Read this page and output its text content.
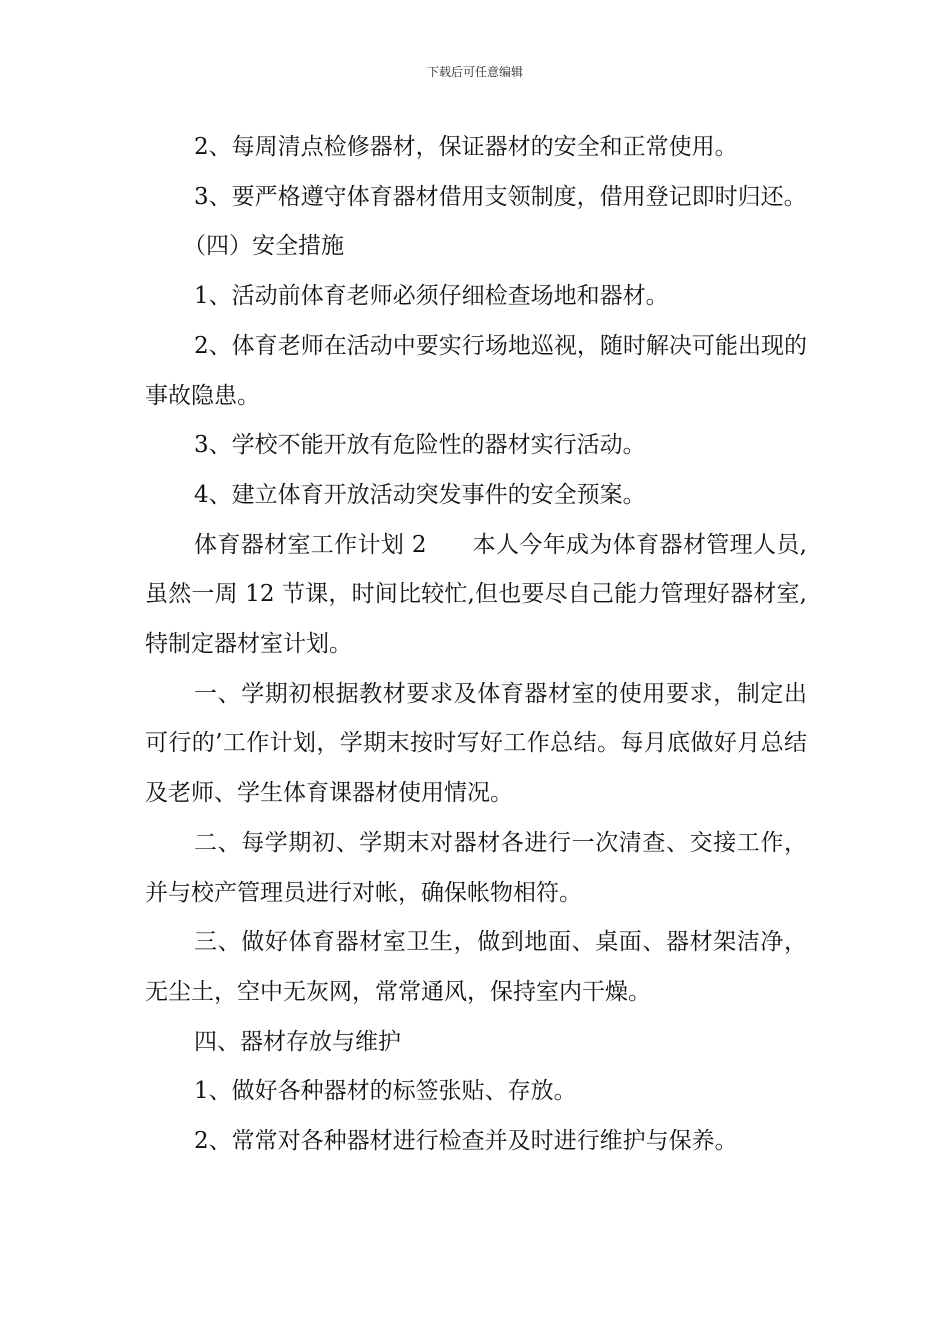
下载后可任意编辑

2、每周清点检修器材，保证器材的安全和正常使用。

3、要严格遵守体育器材借用支领制度，借用登记即时归还。

（四）安全措施

1、活动前体育老师必须仔细检查场地和器材。

2、体育老师在活动中要实行场地巡视，随时解决可能出现的事故隐患。

3、学校不能开放有危险性的器材实行活动。

4、建立体育开放活动突发事件的安全预案。

体育器材室工作计划 2      本人今年成为体育器材管理人员,虽然一周 12 节课，时间比较忙,但也要尽自己能力管理好器材室,特制定器材室计划。

一、学期初根据教材要求及体育器材室的使用要求，制定出可行的’工作计划，学期末按时写好工作总结。每月底做好月总结及老师、学生体育课器材使用情况。

二、每学期初、学期末对器材各进行一次清查、交接工作，并与校产管理员进行对帐，确保帐物相符。

三、做好体育器材室卫生，做到地面、桌面、器材架洁净，无尘土，空中无灰网，常常通风，保持室内干燥。

四、器材存放与维护

1、做好各种器材的标签张贴、存放。

2、常常对各种器材进行检查并及时进行维护与保养。
